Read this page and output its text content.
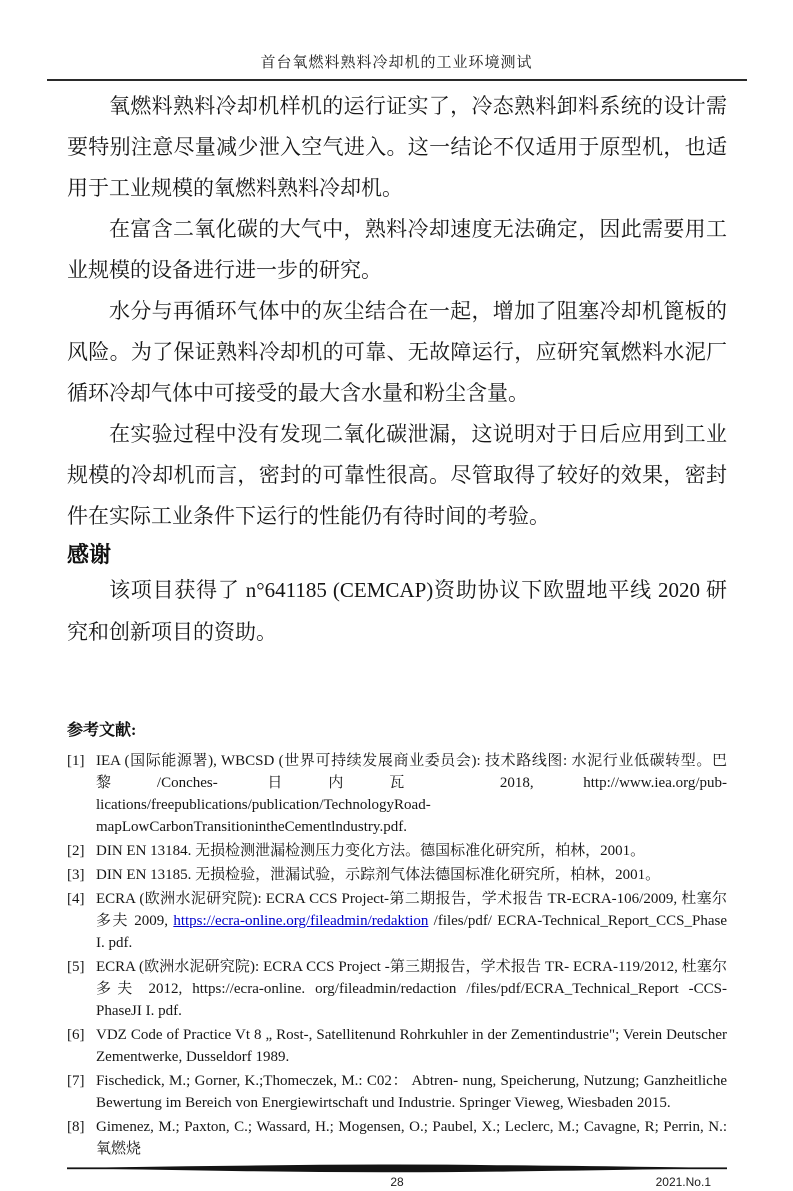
首台氧燃料熟料冷却机的工业环境测试

氧燃料熟料冷却机样机的运行证实了，冷态熟料卸料系统的设计需要特别注意尽量减少泄入空气进入。这一结论不仅适用于原型机，也适用于工业规模的氧燃料熟料冷却机。

在富含二氧化碳的大气中，熟料冷却速度无法确定，因此需要用工业规模的设备进行进一步的研究。

水分与再循环气体中的灰尘结合在一起，增加了阻塞冷却机篦板的风险。为了保证熟料冷却机的可靠、无故障运行，应研究氧燃料水泥厂循环冷却气体中可接受的最大含水量和粉尘含量。

在实验过程中没有发现二氧化碳泄漏，这说明对于日后应用到工业规模的冷却机而言，密封的可靠性很高。尽管取得了较好的效果，密封件在实际工业条件下运行的性能仍有待时间的考验。

感谢

该项目获得了 n°641185 (CEMCAP)资助协议下欧盟地平线 2020 研究和创新项目的资助。

参考文献:
[1] IEA (国际能源署), WBCSD (世界可持续发展商业委员会): 技术路线图: 水泥行业低碳转型。巴黎/Conches- 日内瓦 2018, http://www.iea.org/pub- lications/freepublications/publication/TechnologyRoad-mapLowCarbonTransitionintheCementlndustry.pdf.
[2] DIN EN 13184. 无损检测泄漏检测压力变化方法。德国标准化研究所，柏林，2001。
[3] DIN EN 13185. 无损检验，泄漏试验，示踪剂气体法德国标准化研究所，柏林，2001。
[4] ECRA (欧洲水泥研究院): ECRA CCS Project-第二期报告，学术报告 TR-ECRA-106/2009, 杜塞尔多夫 2009, https://ecra-online.org/fileadmin/redaktion /files/pdf/ ECRA-Technical_Report_CCS_Phase I. pdf.
[5] ECRA (欧洲水泥研究院): ECRA CCS Project -第三期报告，学术报告 TR- ECRA-119/2012, 杜塞尔多夫 2012, https://ecra-online. org/fileadmin/redaction /files/pdf/ECRA_Technical_Report -CCS- PhaseJI I. pdf.
[6] VDZ Code of Practice Vt 8 „ Rost-, Satellitenund Rohrkuhler in der Zementindustrie"; Verein Deutscher Zementwerke, Dusseldorf 1989.
[7] Fischedick, M.; Gorner, K.;Thomeczek, M.: C02： Abtren- nung, Speicherung, Nutzung; Ganzheitliche Bewertung im Bereich von Energiewirtschaft und Industrie. Springer Vieweg, Wiesbaden 2015.
[8] Gimenez, M.; Paxton, C.; Wassard, H.; Mogensen, O.; Paubel, X.; Leclerc, M.; Cavagne, R; Perrin, N.: 氧燃烧
28	2021.No.1
